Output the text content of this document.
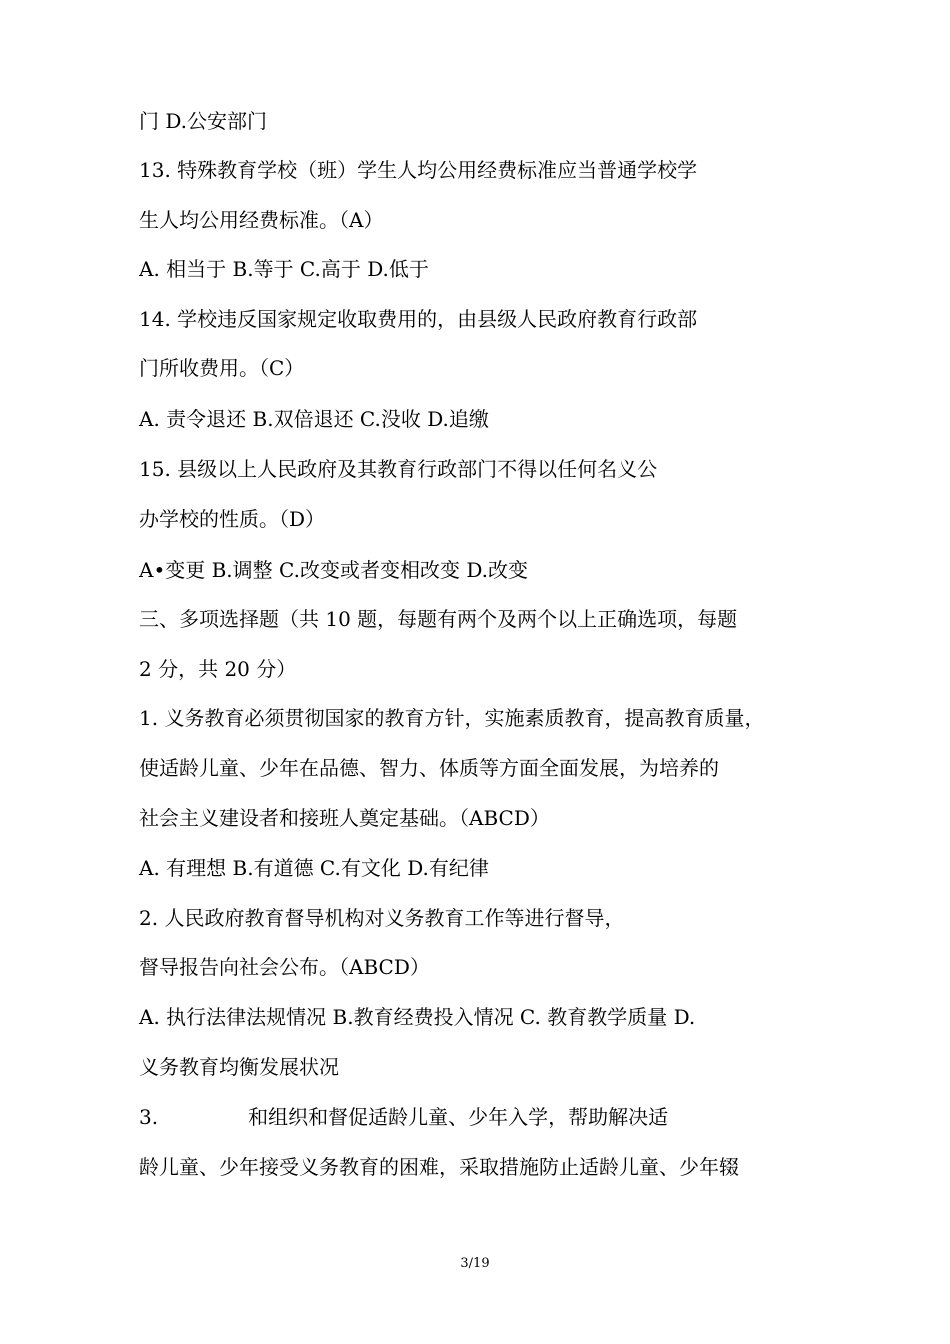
门 D.公安部门
13. 特殊教育学校（班）学生人均公用经费标准应当普通学校学
生人均公用经费标准。（A）
A. 相当于 B.等于 C.高于 D.低于
14. 学校违反国家规定收取费用的，由县级人民政府教育行政部
门所收费用。（C）
A. 责令退还 B.双倍退还 C.没收 D.追缴
15. 县级以上人民政府及其教育行政部门不得以任何名义公
办学校的性质。（D）
A•变更 B.调整 C.改变或者变相改变 D.改变
三、多项选择题（共 10 题，每题有两个及两个以上正确选项，每题
2 分，共 20 分）
1. 义务教育必须贯彻国家的教育方针，实施素质教育，提高教育质量，
使适龄儿童、少年在品德、智力、体质等方面全面发展，为培养的
社会主义建设者和接班人奠定基础。（ABCD）
A. 有理想 B.有道德 C.有文化 D.有纪律
2. 人民政府教育督导机构对义务教育工作等进行督导，
督导报告向社会公布。（ABCD）
A. 执行法律法规情况 B.教育经费投入情况 C. 教育教学质量 D.
义务教育均衡发展状况
3.	和组织和督促适龄儿童、少年入学，帮助解决适
龄儿童、少年接受义务教育的困难，采取措施防止适龄儿童、少年辍
3/19
